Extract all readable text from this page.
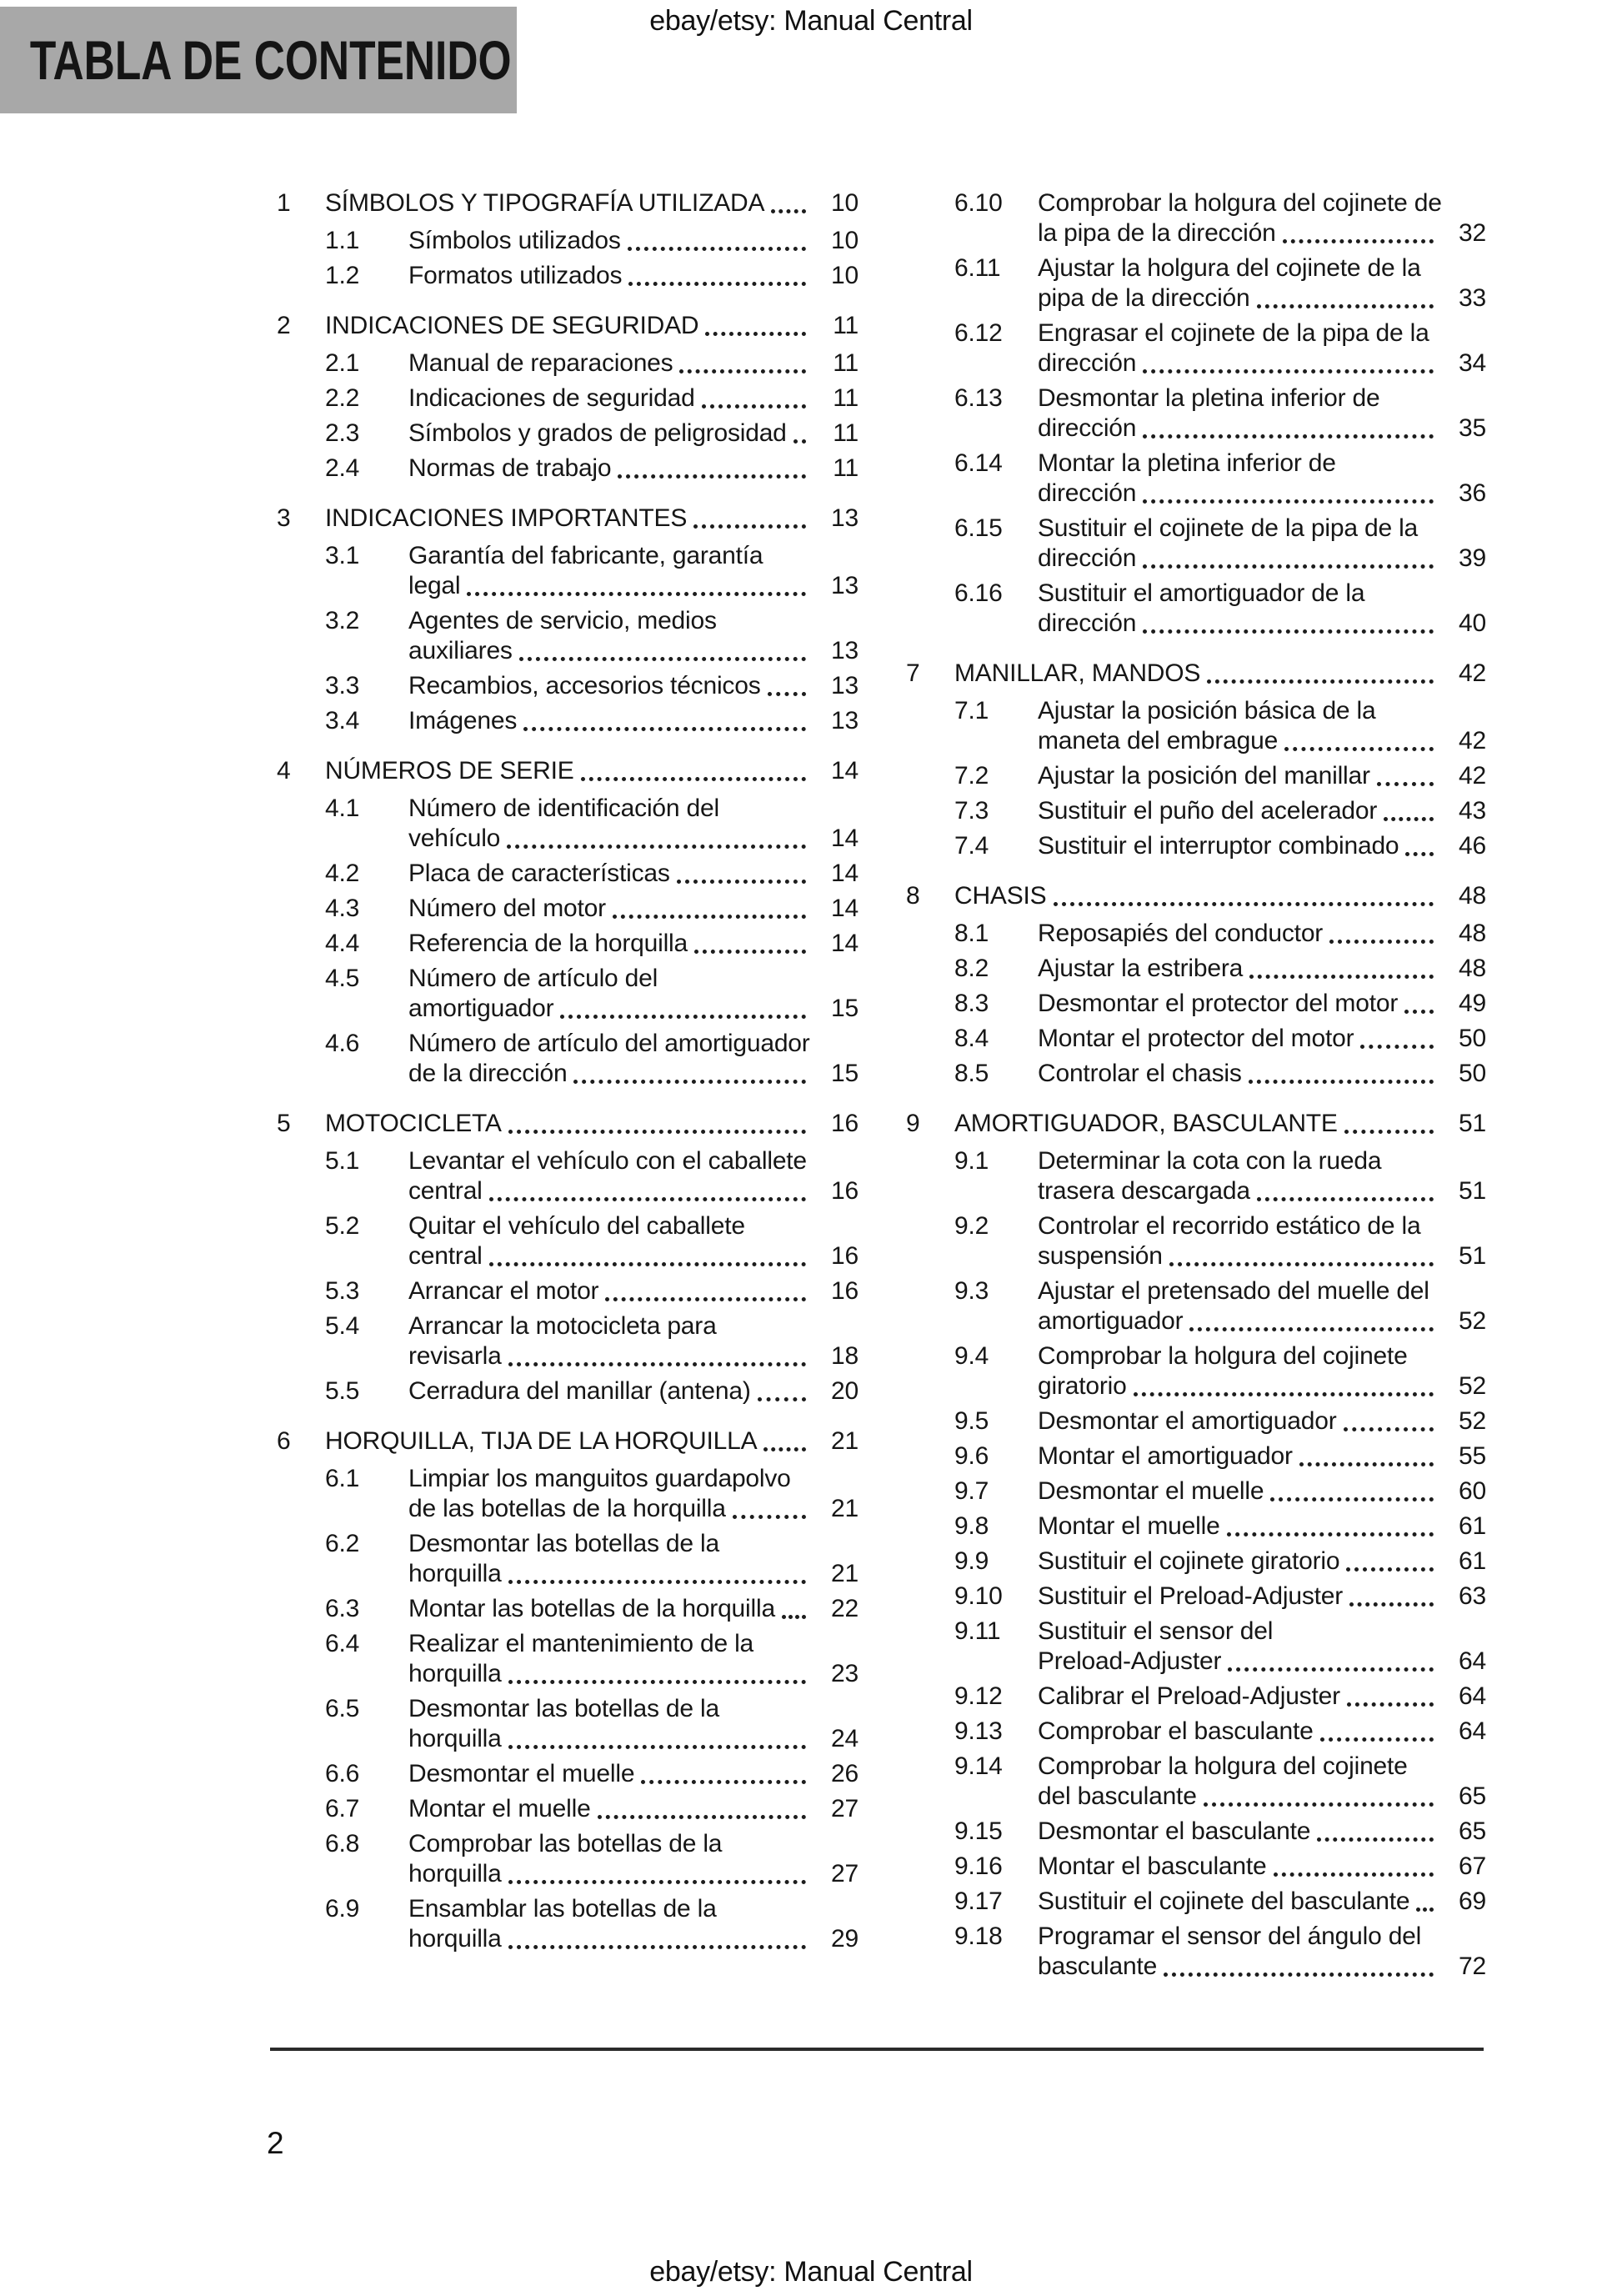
ebay/etsy: Manual Central
TABLA DE CONTENIDO
1	SÍMBOLOS Y TIPOGRAFÍA UTILIZADA	10
1.1	Símbolos utilizados	10
1.2	Formatos utilizados	10
2	INDICACIONES DE SEGURIDAD	11
2.1	Manual de reparaciones	11
2.2	Indicaciones de seguridad	11
2.3	Símbolos y grados de peligrosidad	11
2.4	Normas de trabajo	11
3	INDICACIONES IMPORTANTES	13
3.1	Garantía del fabricante, garantía
legal	13
3.2	Agentes de servicio, medios
auxiliares	13
3.3	Recambios, accesorios técnicos	13
3.4	Imágenes	13
4	NÚMEROS DE SERIE	14
4.1	Número de identificación del
vehículo	14
4.2	Placa de características	14
4.3	Número del motor	14
4.4	Referencia de la horquilla	14
4.5	Número de artículo del
amortiguador	15
4.6	Número de artículo del amortiguador
de la dirección	15
5	MOTOCICLETA	16
5.1	Levantar el vehículo con el caballete
central	16
5.2	Quitar el vehículo del caballete
central	16
5.3	Arrancar el motor	16
5.4	Arrancar la motocicleta para
revisarla	18
5.5	Cerradura del manillar (antena)	20
6	HORQUILLA, TIJA DE LA HORQUILLA	21
6.1	Limpiar los manguitos guardapolvo
de las botellas de la horquilla	21
6.2	Desmontar las botellas de la
horquilla	21
6.3	Montar las botellas de la horquilla	22
6.4	Realizar el mantenimiento de la
horquilla	23
6.5	Desmontar las botellas de la
horquilla	24
6.6	Desmontar el muelle	26
6.7	Montar el muelle	27
6.8	Comprobar las botellas de la
horquilla	27
6.9	Ensamblar las botellas de la
horquilla	29
6.10	Comprobar la holgura del cojinete de
la pipa de la dirección	32
6.11	Ajustar la holgura del cojinete de la
pipa de la dirección	33
6.12	Engrasar el cojinete de la pipa de la
dirección	34
6.13	Desmontar la pletina inferior de
dirección	35
6.14	Montar la pletina inferior de
dirección	36
6.15	Sustituir el cojinete de la pipa de la
dirección	39
6.16	Sustituir el amortiguador de la
dirección	40
7	MANILLAR, MANDOS	42
7.1	Ajustar la posición básica de la
maneta del embrague	42
7.2	Ajustar la posición del manillar	42
7.3	Sustituir el puño del acelerador	43
7.4	Sustituir el interruptor combinado	46
8	CHASIS	48
8.1	Reposapiés del conductor	48
8.2	Ajustar la estribera	48
8.3	Desmontar el protector del motor	49
8.4	Montar el protector del motor	50
8.5	Controlar el chasis	50
9	AMORTIGUADOR, BASCULANTE	51
9.1	Determinar la cota con la rueda
trasera descargada	51
9.2	Controlar el recorrido estático de la
suspensión	51
9.3	Ajustar el pretensado del muelle del
amortiguador	52
9.4	Comprobar la holgura del cojinete
giratorio	52
9.5	Desmontar el amortiguador	52
9.6	Montar el amortiguador	55
9.7	Desmontar el muelle	60
9.8	Montar el muelle	61
9.9	Sustituir el cojinete giratorio	61
9.10	Sustituir el Preload-Adjuster	63
9.11	Sustituir el sensor del
Preload-Adjuster	64
9.12	Calibrar el Preload-Adjuster	64
9.13	Comprobar el basculante	64
9.14	Comprobar la holgura del cojinete
del basculante	65
9.15	Desmontar el basculante	65
9.16	Montar el basculante	67
9.17	Sustituir el cojinete del basculante	69
9.18	Programar el sensor del ángulo del
basculante	72
2
ebay/etsy: Manual Central
